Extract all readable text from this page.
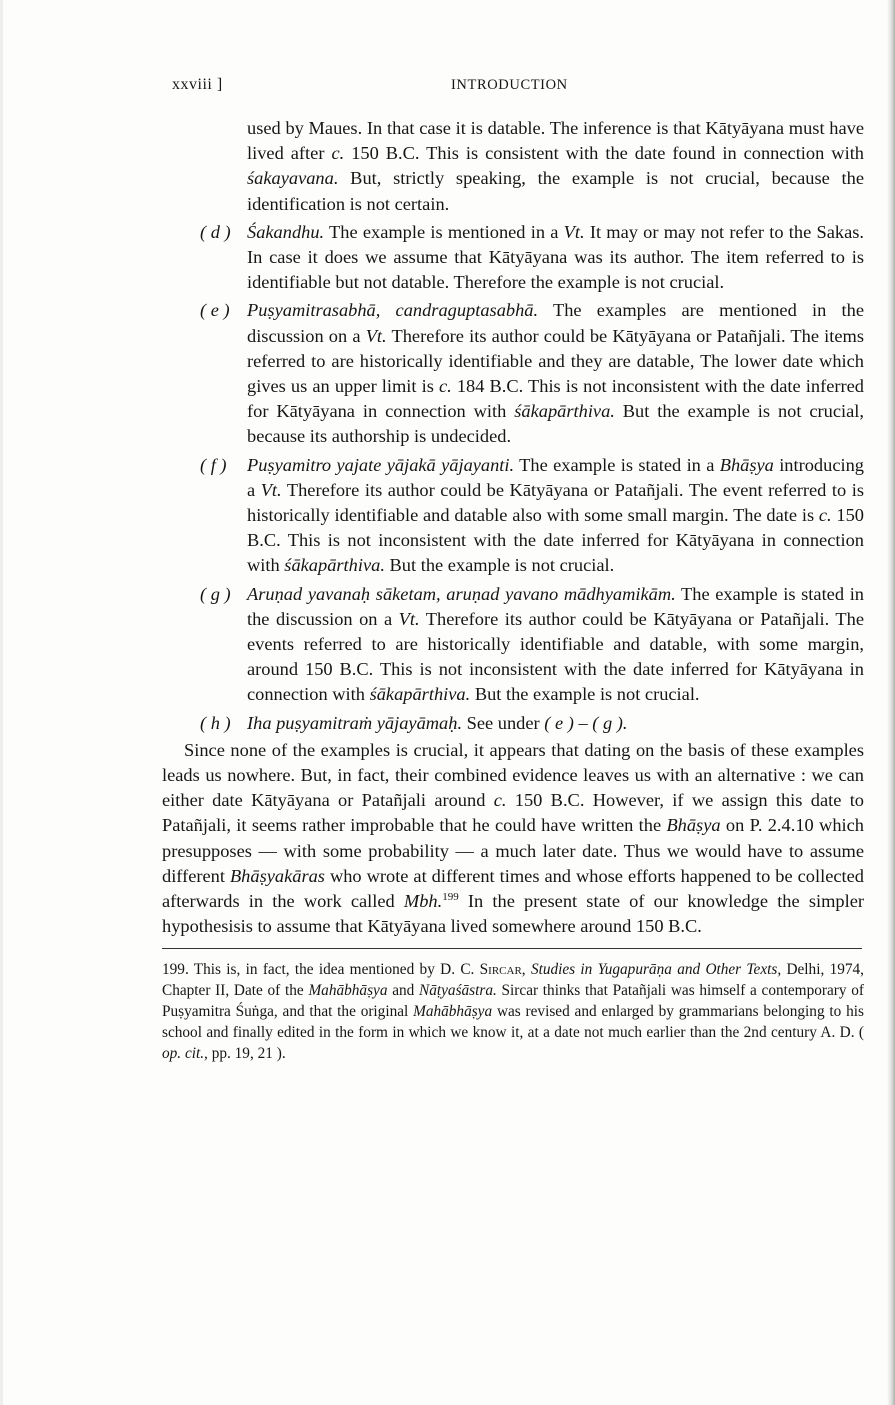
xxviii ]	INTRODUCTION

used by Maues. In that case it is datable. The inference is that Kātyāyana must have lived after c. 150 B.C. This is consistent with the date found in connection with śakayavana. But, strictly speaking, the example is not crucial, because the identification is not certain.

( d ) Śakandhu. The example is mentioned in a Vt. It may or may not refer to the Sakas. In case it does we assume that Kātyāyana was its author. The item referred to is identifiable but not datable. Therefore the example is not crucial.
( e ) Puṣyamitrasabhā, candraguptasabhā. The examples are mentioned in the discussion on a Vt. Therefore its author could be Kātyāyana or Patañjali. The items referred to are historically identifiable and they are datable, The lower date which gives us an upper limit is c. 184 B.C. This is not inconsistent with the date inferred for Kātyāyana in connection with śākapārthiva. But the example is not crucial, because its authorship is undecided.
( f ) Puṣyamitro yajate yājakā yājayanti. The example is stated in a Bhāṣya introducing a Vt. Therefore its author could be Kātyāyana or Patañjali. The event referred to is historically identifiable and datable also with some small margin. The date is c. 150 B.C. This is not inconsistent with the date inferred for Kātyāyana in connection with śākapārthiva. But the example is not crucial.
( g ) Aruṇad yavanaḥ sāketam, aruṇad yavano mādhyamikām. The example is stated in the discussion on a Vt. Therefore its author could be Kātyāyana or Patañjali. The events referred to are historically identifiable and datable, with some margin, around 150 B.C. This is not inconsistent with the date inferred for Kātyāyana in connection with śākapārthiva. But the example is not crucial.
( h ) Iha puṣyamitraṁ yājayāmaḥ. See under ( e ) – ( g ).

Since none of the examples is crucial, it appears that dating on the basis of these examples leads us nowhere. But, in fact, their combined evidence leaves us with an alternative : we can either date Kātyāyana or Patañjali around c. 150 B.C. However, if we assign this date to Patañjali, it seems rather improbable that he could have written the Bhāṣya on P. 2.4.10 which presupposes — with some probability — a much later date. Thus we would have to assume different Bhāṣyakāras who wrote at different times and whose efforts happened to be collected afterwards in the work called Mbh.$^{199}$ In the present state of our knowledge the simpler hypothesisis to assume that Kātyāyana lived somewhere around 150 B.C.

199. This is, in fact, the idea mentioned by D. C. Sircar, Studies in Yugapurāṇa and Other Texts, Delhi, 1974, Chapter II, Date of the Mahābhāṣya and Nāṭyaśāstra. Sircar thinks that Patañjali was himself a contemporary of Puṣyamitra Śuṅga, and that the original Mahābhāṣya was revised and enlarged by grammarians belonging to his school and finally edited in the form in which we know it, at a date not much earlier than the 2nd century A. D. ( op. cit., pp. 19, 21 ).
